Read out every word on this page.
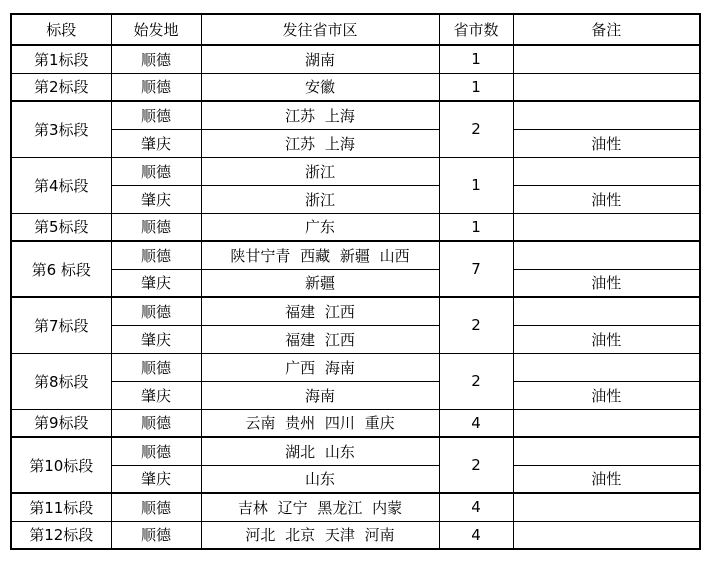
标段	始发地	发往省市区	省市数	备注
第1标段	顺德	湖南	1	
第2标段	顺德	安徽	1	
第3标段	顺德	江苏 上海	2	
	肇庆	江苏 上海		油性
第4标段	顺德	浙江	1	
	肇庆	浙江		油性
第5标段	顺德	广东	1	
第6 标段	顺德	陕甘宁青 西藏 新疆 山西	7	
	肇庆	新疆		油性
第7标段	顺德	福建 江西	2	
	肇庆	福建 江西		油性
第8标段	顺德	广西 海南	2	
	肇庆	海南		油性
第9标段	顺德	云南 贵州 四川 重庆	4	
第10标段	顺德	湖北 山东	2	
	肇庆	山东		油性
第11标段	顺德	吉林 辽宁 黑龙江 内蒙	4	
第12标段	顺德	河北 北京 天津 河南	4	
